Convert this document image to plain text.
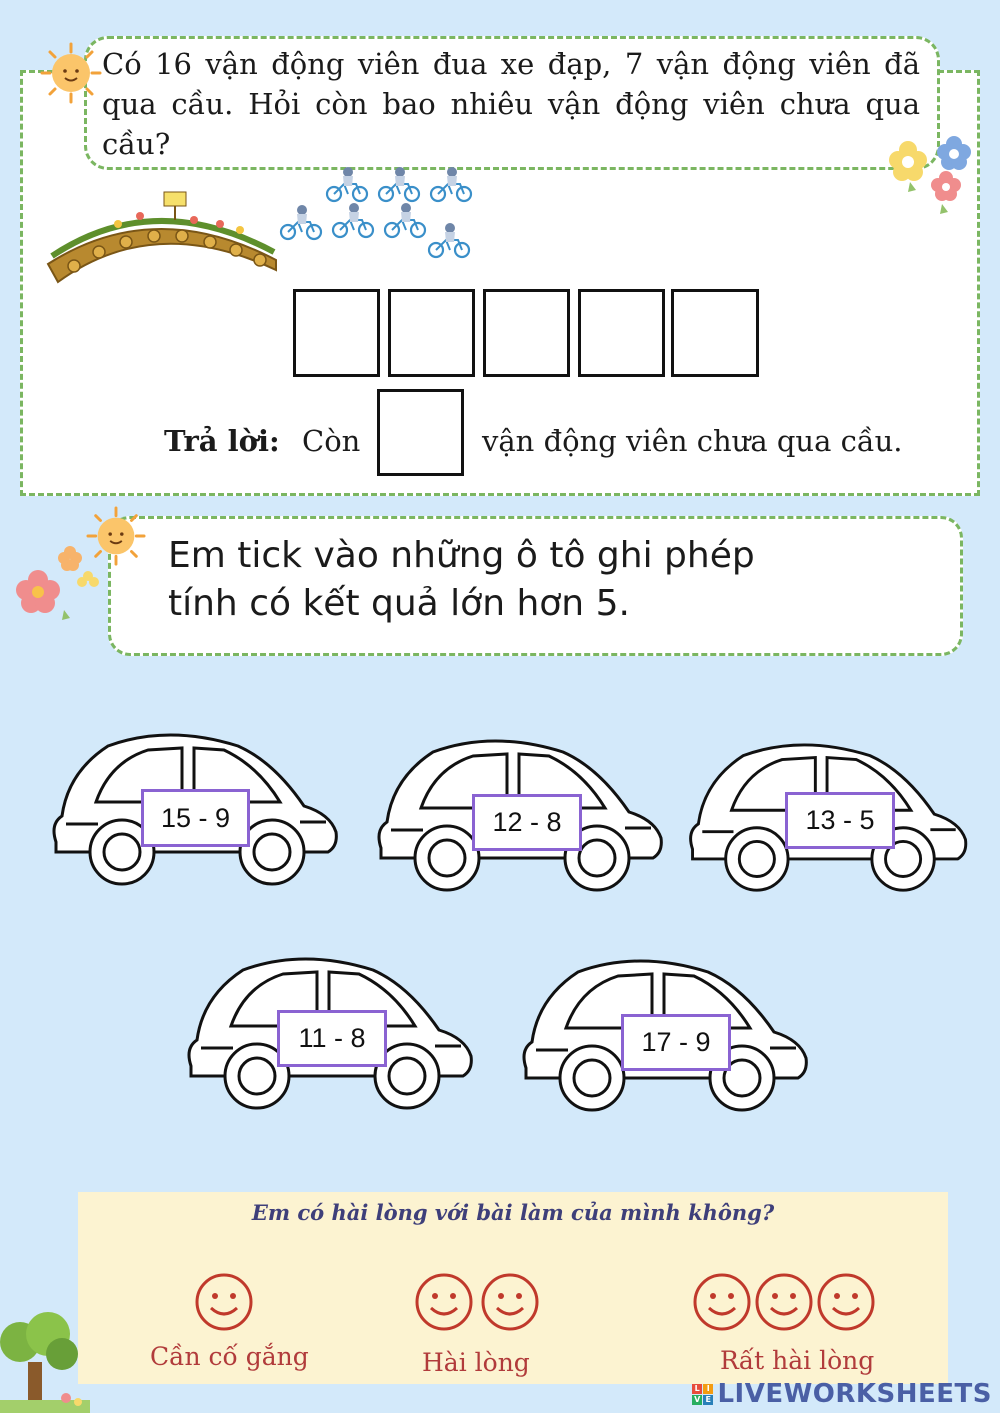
Có 16 vận động viên đua xe đạp, 7 vận động viên đã qua cầu. Hỏi còn bao nhiêu vận động viên chưa qua cầu?
Trả lời: Còn	vận động viên chưa qua cầu.
Em tick vào những ô tô ghi phép
tính có kết quả lớn hơn 5.
15 - 9	12 - 8	13 - 5
11 - 8	17 - 9
Em có hài lòng với bài làm của mình không?
Cần cố gắng	Hài lòng	Rất hài lòng
L I
V E LIVEWORKSHEETS
